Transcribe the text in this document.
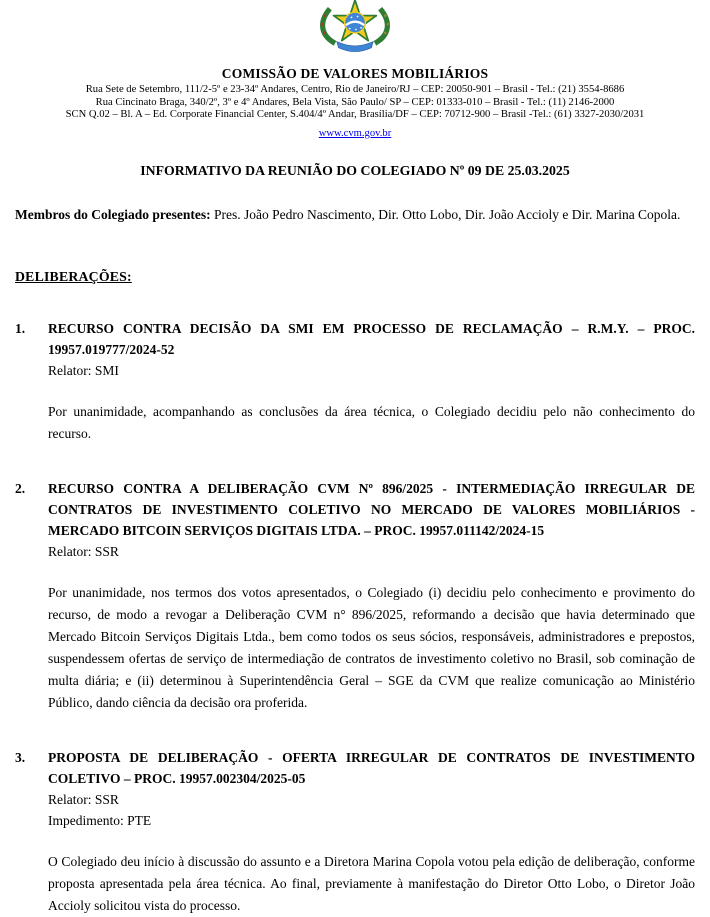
COMISSÃO DE VALORES MOBILIÁRIOS
Rua Sete de Setembro, 111/2-5º e 23-34º Andares, Centro, Rio de Janeiro/RJ – CEP: 20050-901 – Brasil - Tel.: (21) 3554-8686
Rua Cincinato Braga, 340/2º, 3º e 4º Andares, Bela Vista, São Paulo/ SP – CEP: 01333-010 – Brasil - Tel.: (11) 2146-2000
SCN Q.02 – Bl. A – Ed. Corporate Financial Center, S.404/4º Andar, Brasília/DF – CEP: 70712-900 – Brasil -Tel.: (61) 3327-2030/2031
www.cvm.gov.br
INFORMATIVO DA REUNIÃO DO COLEGIADO Nº 09 DE 25.03.2025

Membros do Colegiado presentes: Pres. João Pedro Nascimento, Dir. Otto Lobo, Dir. João Accioly e Dir. Marina Copola.

DELIBERAÇÕES:
1.	RECURSO CONTRA DECISÃO DA SMI EM PROCESSO DE RECLAMAÇÃO – R.M.Y. – PROC. 19957.019777/2024-52
Relator: SMI

Por unanimidade, acompanhando as conclusões da área técnica, o Colegiado decidiu pelo não conhecimento do recurso.

2.	RECURSO CONTRA A DELIBERAÇÃO CVM Nº 896/2025 - INTERMEDIAÇÃO IRREGULAR DE CONTRATOS DE INVESTIMENTO COLETIVO NO MERCADO DE VALORES MOBILIÁRIOS - MERCADO BITCOIN SERVIÇOS DIGITAIS LTDA. – PROC. 19957.011142/2024-15
Relator: SSR

Por unanimidade, nos termos dos votos apresentados, o Colegiado (i) decidiu pelo conhecimento e provimento do recurso, de modo a revogar a Deliberação CVM n° 896/2025, reformando a decisão que havia determinado que Mercado Bitcoin Serviços Digitais Ltda., bem como todos os seus sócios, responsáveis, administradores e prepostos, suspendessem ofertas de serviço de intermediação de contratos de investimento coletivo no Brasil, sob cominação de multa diária; e (ii) determinou à Superintendência Geral – SGE da CVM que realize comunicação ao Ministério Público, dando ciência da decisão ora proferida.

3.	PROPOSTA DE DELIBERAÇÃO - OFERTA IRREGULAR DE CONTRATOS DE INVESTIMENTO COLETIVO – PROC. 19957.002304/2025-05
Relator: SSR
Impedimento: PTE

O Colegiado deu início à discussão do assunto e a Diretora Marina Copola votou pela edição de deliberação, conforme proposta apresentada pela área técnica. Ao final, previamente à manifestação do Diretor Otto Lobo, o Diretor João Accioly solicitou vista do processo.
